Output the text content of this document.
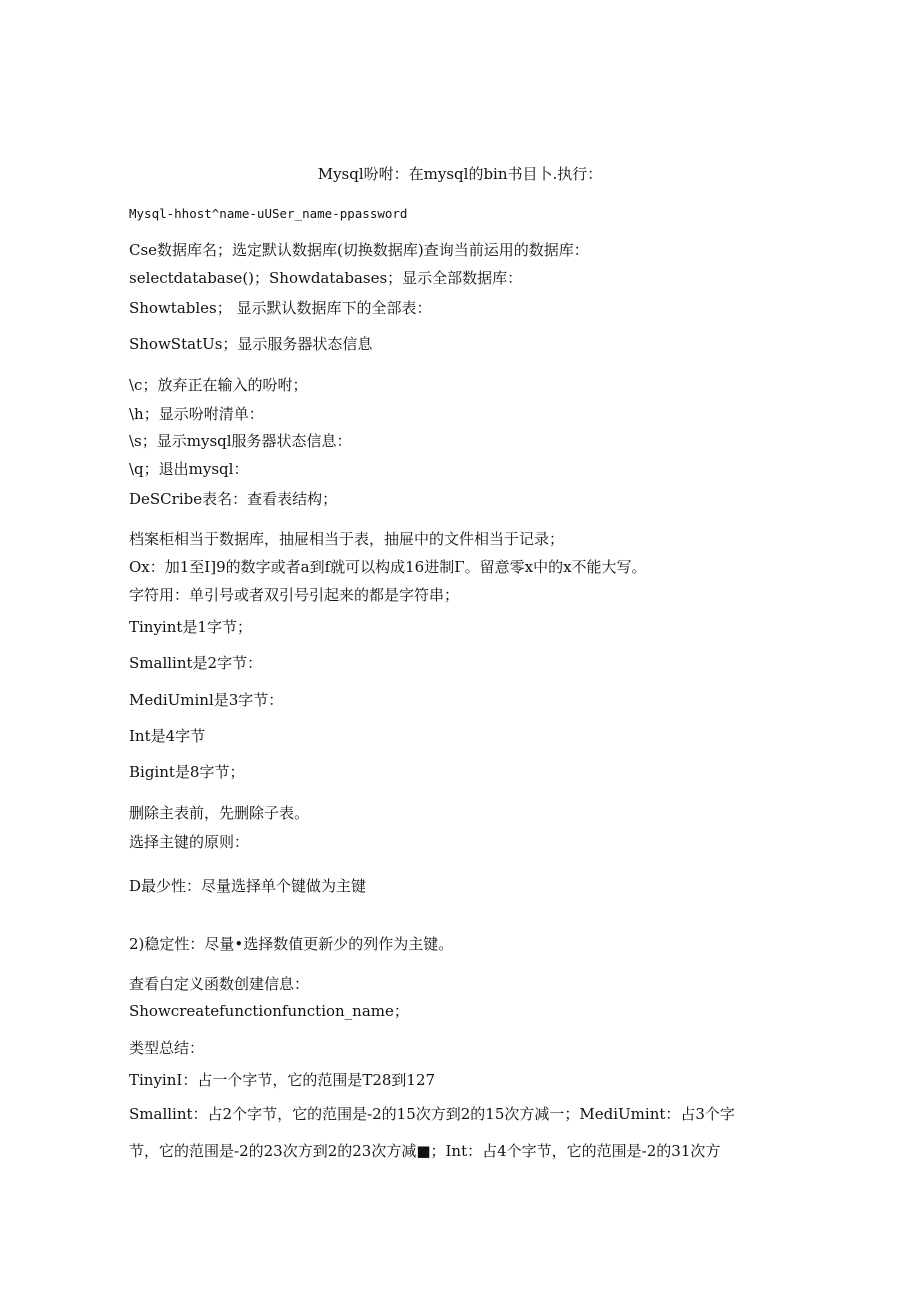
Mysql吩咐：在mysql的bin书目卜.执行：
Mysql-hhost^name-uUSer_name-ppassword
Cse数据库名；选定默认数据库(切换数据库)查询当前运用的数据库：
selectdatabase()；Showdatabases；显示全部数据库：
Showtables； 显示默认数据库下的全部表：
ShowStatUs；显示服务器状态信息
\c；放弃正在输入的吩咐；
\h；显示吩咐清单：
\s；显示mysql服务器状态信息：
\q；退出mysql：
DeSCribe表名：查看表结构；
档案柜相当于数据库，抽屉相当于表，抽屉中的文件相当于记录；
Ox：加1至I]9的数字或者a到f就可以构成16进制Γ。留意零x中的x不能大写。
字符用：单引号或者双引号引起来的都是字符串；
Tinyint是1字节；
Smallint是2字节：
MediUminl是3字节：
Int是4字节
Bigint是8字节；
删除主表前，先删除子表。
选择主键的原则：
D最少性：尽量选择单个键做为主键
2)稳定性：尽量•选择数值更新少的列作为主键。
查看白定义函数创建信息：
Showcreatefunctionfunction_name；
类型总结：
TinyinI：占一个字节，它的范围是T28到127
Smallint：占2个字节，它的范围是-2的15次方到2的15次方减一；MediUmint：占3个字
节，它的范围是-2的23次方到2的23次方减■；Int：占4个字节，它的范围是-2的31次方
